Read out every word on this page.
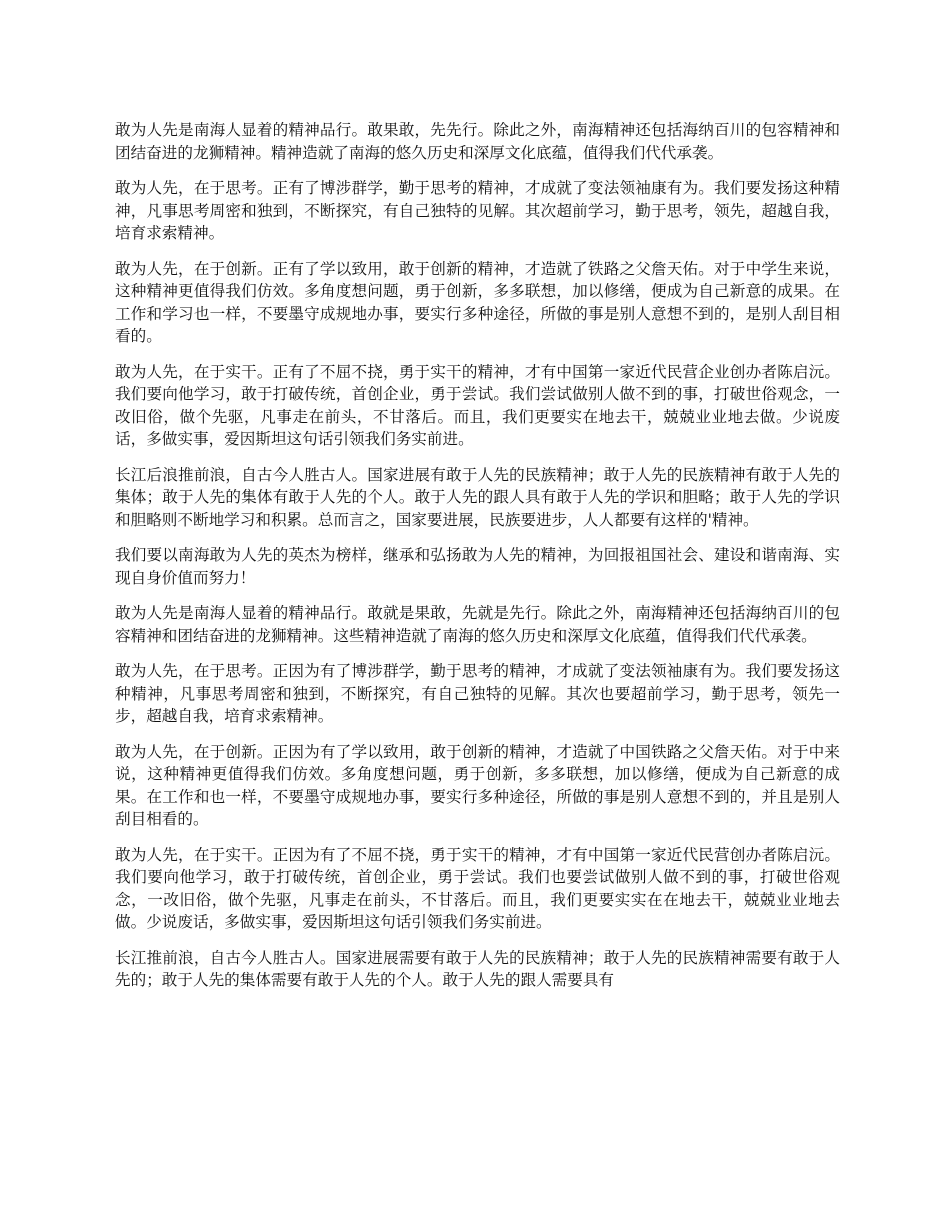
敢为人先是南海人显着的精神品行。敢果敢，先先行。除此之外，南海精神还包括海纳百川的包容精神和团结奋进的龙狮精神。精神造就了南海的悠久历史和深厚文化底蕴，值得我们代代承袭。

敢为人先，在于思考。正有了博涉群学，勤于思考的精神，才成就了变法领袖康有为。我们要发扬这种精神，凡事思考周密和独到，不断探究，有自己独特的见解。其次超前学习，勤于思考，领先，超越自我，培育求索精神。

敢为人先，在于创新。正有了学以致用，敢于创新的精神，才造就了铁路之父詹天佑。对于中学生来说，这种精神更值得我们仿效。多角度想问题，勇于创新，多多联想，加以修缮，便成为自己新意的成果。在工作和学习也一样，不要墨守成规地办事，要实行多种途径，所做的事是别人意想不到的，是别人刮目相看的。

敢为人先，在于实干。正有了不屈不挠，勇于实干的精神，才有中国第一家近代民营企业创办者陈启沅。我们要向他学习，敢于打破传统，首创企业，勇于尝试。我们尝试做别人做不到的事，打破世俗观念，一改旧俗，做个先驱，凡事走在前头，不甘落后。而且，我们更要实在地去干，兢兢业业地去做。少说废话，多做实事，爱因斯坦这句话引领我们务实前进。

长江后浪推前浪，自古今人胜古人。国家进展有敢于人先的民族精神；敢于人先的民族精神有敢于人先的集体；敢于人先的集体有敢于人先的个人。敢于人先的跟人具有敢于人先的学识和胆略；敢于人先的学识和胆略则不断地学习和积累。总而言之，国家要进展，民族要进步，人人都要有这样的'精神。

我们要以南海敢为人先的英杰为榜样，继承和弘扬敢为人先的精神，为回报祖国社会、建设和谐南海、实现自身价值而努力！

敢为人先是南海人显着的精神品行。敢就是果敢，先就是先行。除此之外，南海精神还包括海纳百川的包容精神和团结奋进的龙狮精神。这些精神造就了南海的悠久历史和深厚文化底蕴，值得我们代代承袭。

敢为人先，在于思考。正因为有了博涉群学，勤于思考的精神，才成就了变法领袖康有为。我们要发扬这种精神，凡事思考周密和独到，不断探究，有自己独特的见解。其次也要超前学习，勤于思考，领先一步，超越自我，培育求索精神。

敢为人先，在于创新。正因为有了学以致用，敢于创新的精神，才造就了中国铁路之父詹天佑。对于中来说，这种精神更值得我们仿效。多角度想问题，勇于创新，多多联想，加以修缮，便成为自己新意的成果。在工作和也一样，不要墨守成规地办事，要实行多种途径，所做的事是别人意想不到的，并且是别人刮目相看的。

敢为人先，在于实干。正因为有了不屈不挠，勇于实干的精神，才有中国第一家近代民营创办者陈启沅。我们要向他学习，敢于打破传统，首创企业，勇于尝试。我们也要尝试做别人做不到的事，打破世俗观念，一改旧俗，做个先驱，凡事走在前头，不甘落后。而且，我们更要实实在在地去干，兢兢业业地去做。少说废话，多做实事，爱因斯坦这句话引领我们务实前进。

长江推前浪，自古今人胜古人。国家进展需要有敢于人先的民族精神；敢于人先的民族精神需要有敢于人先的；敢于人先的集体需要有敢于人先的个人。敢于人先的跟人需要具有
